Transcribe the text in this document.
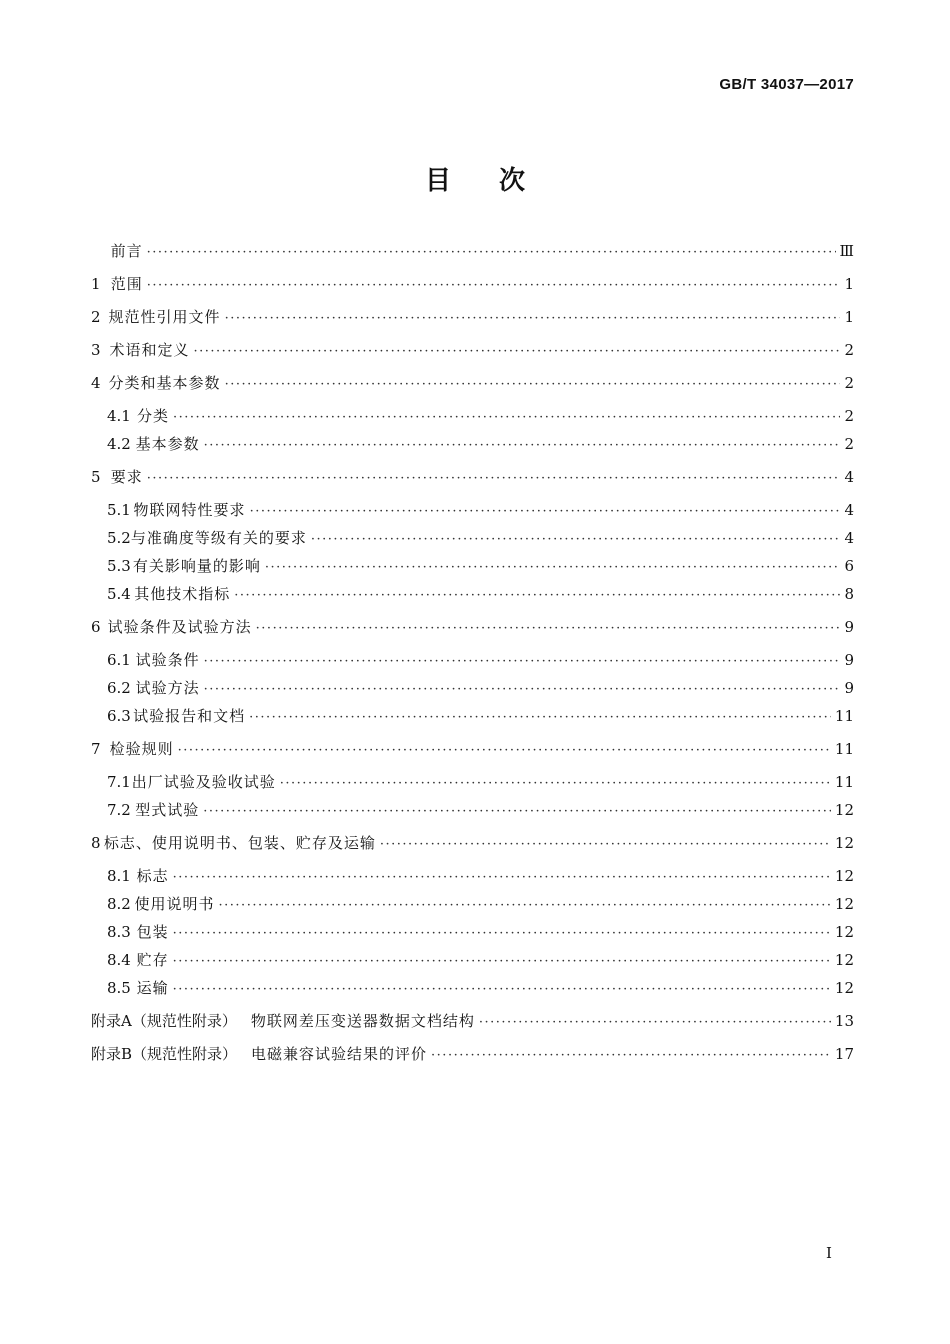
GB/T 34037—2017
目次
前言 ·····	Ⅲ
1 范围 ·····	1
2 规范性引用文件 ·····	1
3 术语和定义 ·····	2
4 分类和基本参数 ·····	2
4.1 分类 ·····	2
4.2 基本参数 ·····	2
5 要求 ·····	4
5.1 物联网特性要求 ·····	4
5.2 与准确度等级有关的要求 ·····	4
5.3 有关影响量的影响 ·····	6
5.4 其他技术指标 ·····	8
6 试验条件及试验方法 ·····	9
6.1 试验条件 ·····	9
6.2 试验方法 ·····	9
6.3 试验报告和文档 ·····	11
7 检验规则 ·····	11
7.1 出厂试验及验收试验 ·····	11
7.2 型式试验 ·····	12
8 标志、使用说明书、包装、贮存及运输 ·····	12
8.1 标志 ·····	12
8.2 使用说明书 ·····	12
8.3 包装 ·····	12
8.4 贮存 ·····	12
8.5 运输 ·····	12
附录A（规范性附录） 物联网差压变送器数据文档结构 ·····	13
附录B（规范性附录） 电磁兼容试验结果的评价 ·····	17
I
